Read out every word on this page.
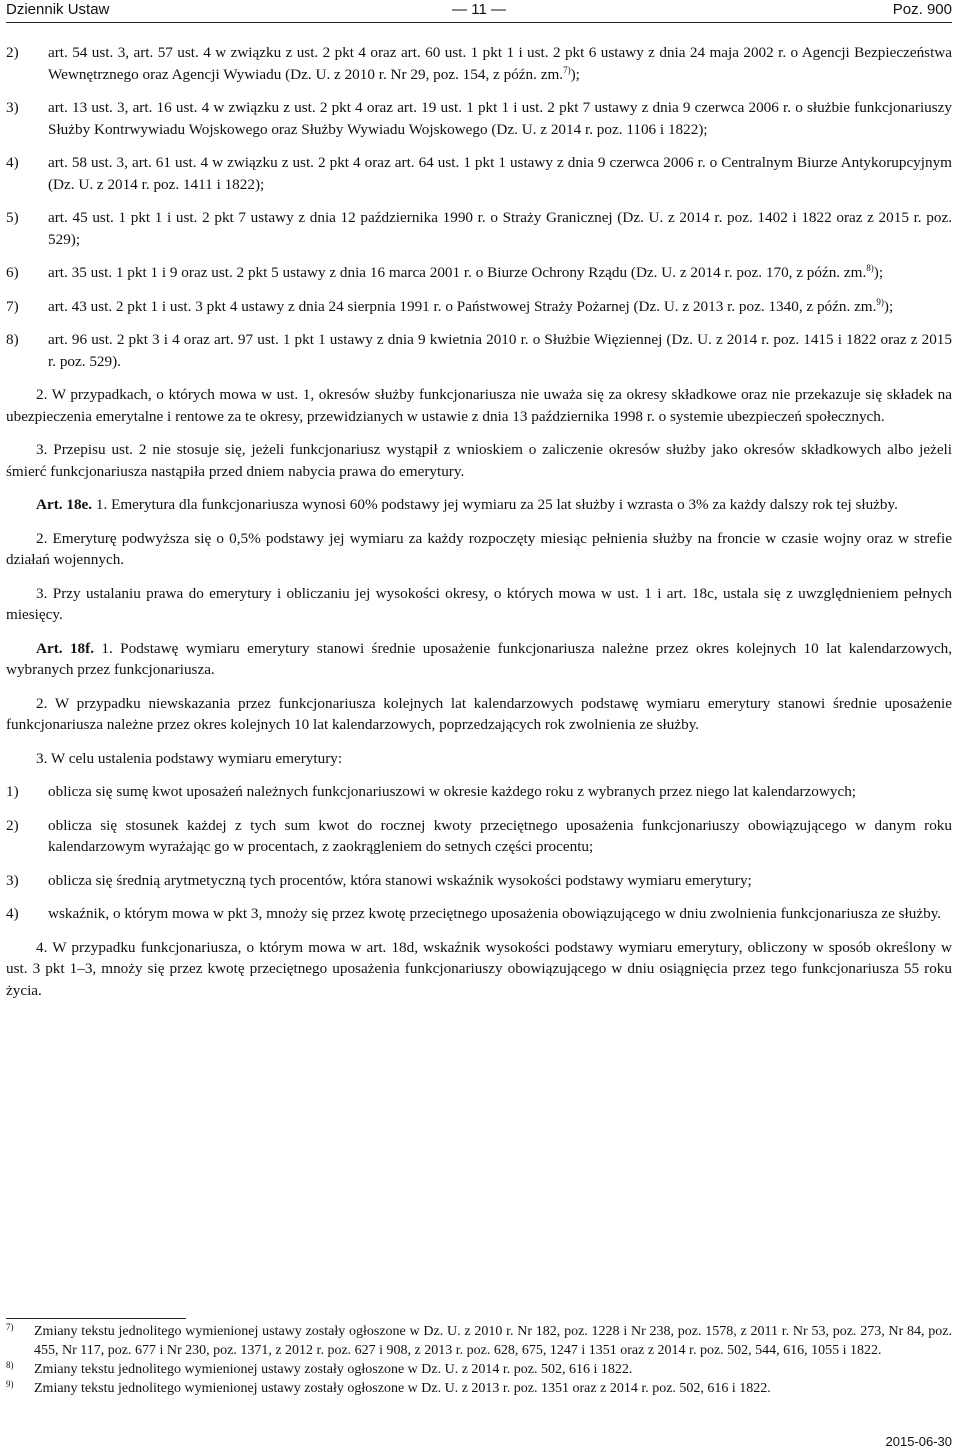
Dziennik Ustaw	— 11 —	Poz. 900
2) art. 54 ust. 3, art. 57 ust. 4 w związku z ust. 2 pkt 4 oraz art. 60 ust. 1 pkt 1 i ust. 2 pkt 6 ustawy z dnia 24 maja 2002 r. o Agencji Bezpieczeństwa Wewnętrznego oraz Agencji Wywiadu (Dz. U. z 2010 r. Nr 29, poz. 154, z późn. zm.$^{7)}$);
3) art. 13 ust. 3, art. 16 ust. 4 w związku z ust. 2 pkt 4 oraz art. 19 ust. 1 pkt 1 i ust. 2 pkt 7 ustawy z dnia 9 czerwca 2006 r. o służbie funkcjonariuszy Służby Kontrwywiadu Wojskowego oraz Służby Wywiadu Wojskowego (Dz. U. z 2014 r. poz. 1106 i 1822);
4) art. 58 ust. 3, art. 61 ust. 4 w związku z ust. 2 pkt 4 oraz art. 64 ust. 1 pkt 1 ustawy z dnia 9 czerwca 2006 r. o Centralnym Biurze Antykorupcyjnym (Dz. U. z 2014 r. poz. 1411 i 1822);
5) art. 45 ust. 1 pkt 1 i ust. 2 pkt 7 ustawy z dnia 12 października 1990 r. o Straży Granicznej (Dz. U. z 2014 r. poz. 1402 i 1822 oraz z 2015 r. poz. 529);
6) art. 35 ust. 1 pkt 1 i 9 oraz ust. 2 pkt 5 ustawy z dnia 16 marca 2001 r. o Biurze Ochrony Rządu (Dz. U. z 2014 r. poz. 170, z późn. zm.$^{8)}$);
7) art. 43 ust. 2 pkt 1 i ust. 3 pkt 4 ustawy z dnia 24 sierpnia 1991 r. o Państwowej Straży Pożarnej (Dz. U. z 2013 r. poz. 1340, z późn. zm.$^{9)}$);
8) art. 96 ust. 2 pkt 3 i 4 oraz art. 97 ust. 1 pkt 1 ustawy z dnia 9 kwietnia 2010 r. o Służbie Więziennej (Dz. U. z 2014 r. poz. 1415 i 1822 oraz z 2015 r. poz. 529).
2. W przypadkach, o których mowa w ust. 1, okresów służby funkcjonariusza nie uważa się za okresy składkowe oraz nie przekazuje się składek na ubezpieczenia emerytalne i rentowe za te okresy, przewidzianych w ustawie z dnia 13 października 1998 r. o systemie ubezpieczeń społecznych.
3. Przepisu ust. 2 nie stosuje się, jeżeli funkcjonariusz wystąpił z wnioskiem o zaliczenie okresów służby jako okresów składkowych albo jeżeli śmierć funkcjonariusza nastąpiła przed dniem nabycia prawa do emerytury.
Art. 18e. 1. Emerytura dla funkcjonariusza wynosi 60% podstawy jej wymiaru za 25 lat służby i wzrasta o 3% za każdy dalszy rok tej służby.
2. Emeryturę podwyższa się o 0,5% podstawy jej wymiaru za każdy rozpoczęty miesiąc pełnienia służby na froncie w czasie wojny oraz w strefie działań wojennych.
3. Przy ustalaniu prawa do emerytury i obliczaniu jej wysokości okresy, o których mowa w ust. 1 i art. 18c, ustala się z uwzględnieniem pełnych miesięcy.
Art. 18f. 1. Podstawę wymiaru emerytury stanowi średnie uposażenie funkcjonariusza należne przez okres kolejnych 10 lat kalendarzowych, wybranych przez funkcjonariusza.
2. W przypadku niewskazania przez funkcjonariusza kolejnych lat kalendarzowych podstawę wymiaru emerytury stanowi średnie uposażenie funkcjonariusza należne przez okres kolejnych 10 lat kalendarzowych, poprzedzających rok zwolnienia ze służby.
3. W celu ustalenia podstawy wymiaru emerytury:
1) oblicza się sumę kwot uposażeń należnych funkcjonariuszowi w okresie każdego roku z wybranych przez niego lat kalendarzowych;
2) oblicza się stosunek każdej z tych sum kwot do rocznej kwoty przeciętnego uposażenia funkcjonariuszy obowiązującego w danym roku kalendarzowym wyrażając go w procentach, z zaokrągleniem do setnych części procentu;
3) oblicza się średnią arytmetyczną tych procentów, która stanowi wskaźnik wysokości podstawy wymiaru emerytury;
4) wskaźnik, o którym mowa w pkt 3, mnoży się przez kwotę przeciętnego uposażenia obowiązującego w dniu zwolnienia funkcjonariusza ze służby.
4. W przypadku funkcjonariusza, o którym mowa w art. 18d, wskaźnik wysokości podstawy wymiaru emerytury, obliczony w sposób określony w ust. 3 pkt 1–3, mnoży się przez kwotę przeciętnego uposażenia funkcjonariuszy obowiązującego w dniu osiągnięcia przez tego funkcjonariusza 55 roku życia.
7) Zmiany tekstu jednolitego wymienionej ustawy zostały ogłoszone w Dz. U. z 2010 r. Nr 182, poz. 1228 i Nr 238, poz. 1578, z 2011 r. Nr 53, poz. 273, Nr 84, poz. 455, Nr 117, poz. 677 i Nr 230, poz. 1371, z 2012 r. poz. 627 i 908, z 2013 r. poz. 628, 675, 1247 i 1351 oraz z 2014 r. poz. 502, 544, 616, 1055 i 1822.
8) Zmiany tekstu jednolitego wymienionej ustawy zostały ogłoszone w Dz. U. z 2014 r. poz. 502, 616 i 1822.
9) Zmiany tekstu jednolitego wymienionej ustawy zostały ogłoszone w Dz. U. z 2013 r. poz. 1351 oraz z 2014 r. poz. 502, 616 i 1822.
2015-06-30
